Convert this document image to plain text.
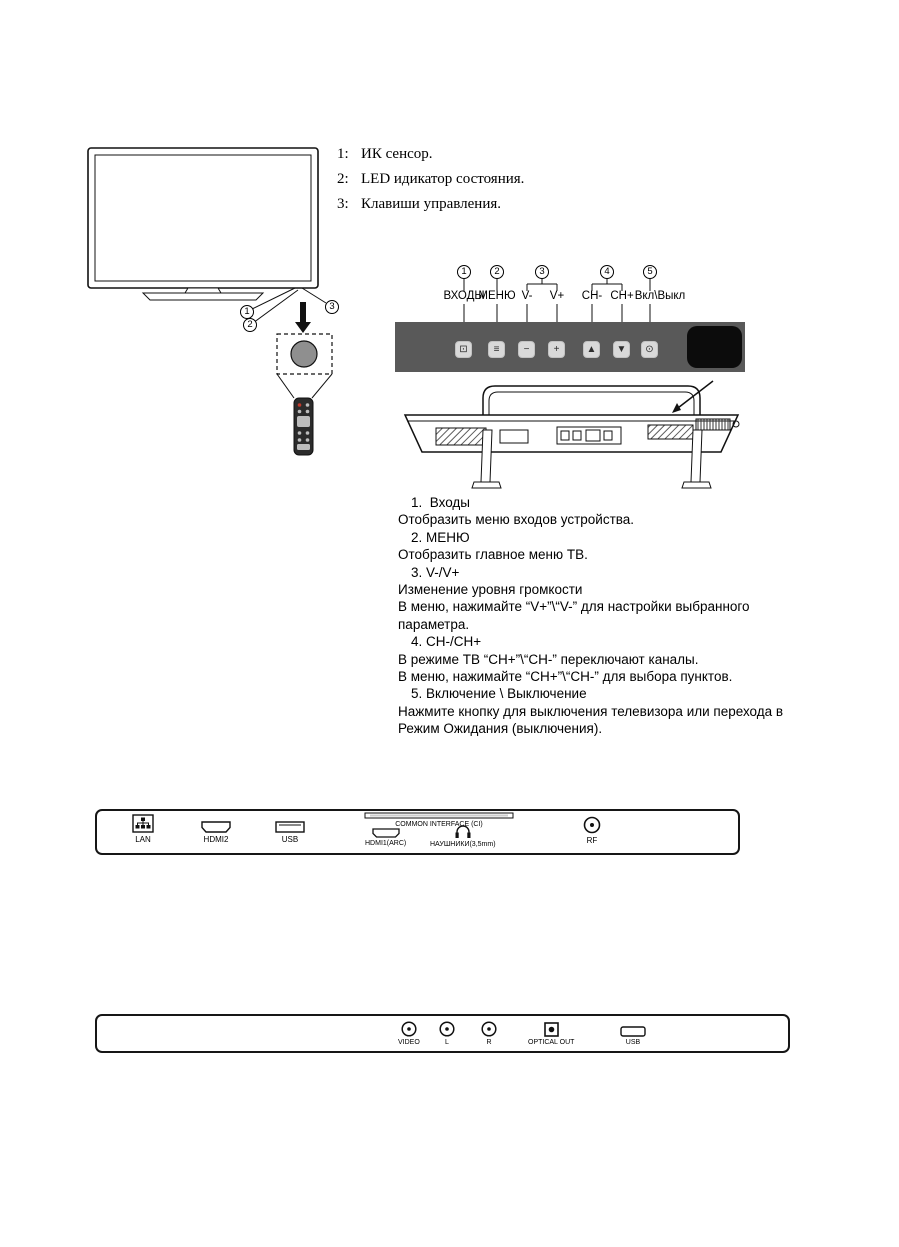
1
2
3
1: ИК сенсор.
2: LED идикатор состояния.
3: Клавиши управления.
1	2	3	4	5
ВХОДЫ
МЕНЮ V- V+ CH- CH+ Вкл\Выкл
⊡	≡	−	+	▲	▼	⊙
1.  Входы
Отобразить меню входов устройства.
2. МЕНЮ
Отобразить главное меню ТВ.
3. V-/V+
Изменение уровня громкости
В меню, нажимайте “V+”\“V-” для настройки выбранного
параметра.
4. CH-/CH+
В режиме ТВ “CH+”\“CH-” переключают каналы.
В меню, нажимайте “CH+”\“CH-” для выбора пунктов.
5. Включение \ Выключение
Нажмите кнопку для выключения телевизора или перехода в
Режим Ожидания (выключения).
LAN	HDMI2	USB
COMMON INTERFACE (CI)
HDMI1(ARC)	НАУШНИКИ(3,5mm)	RF
VIDEO	L	R	OPTICAL OUT	USB
